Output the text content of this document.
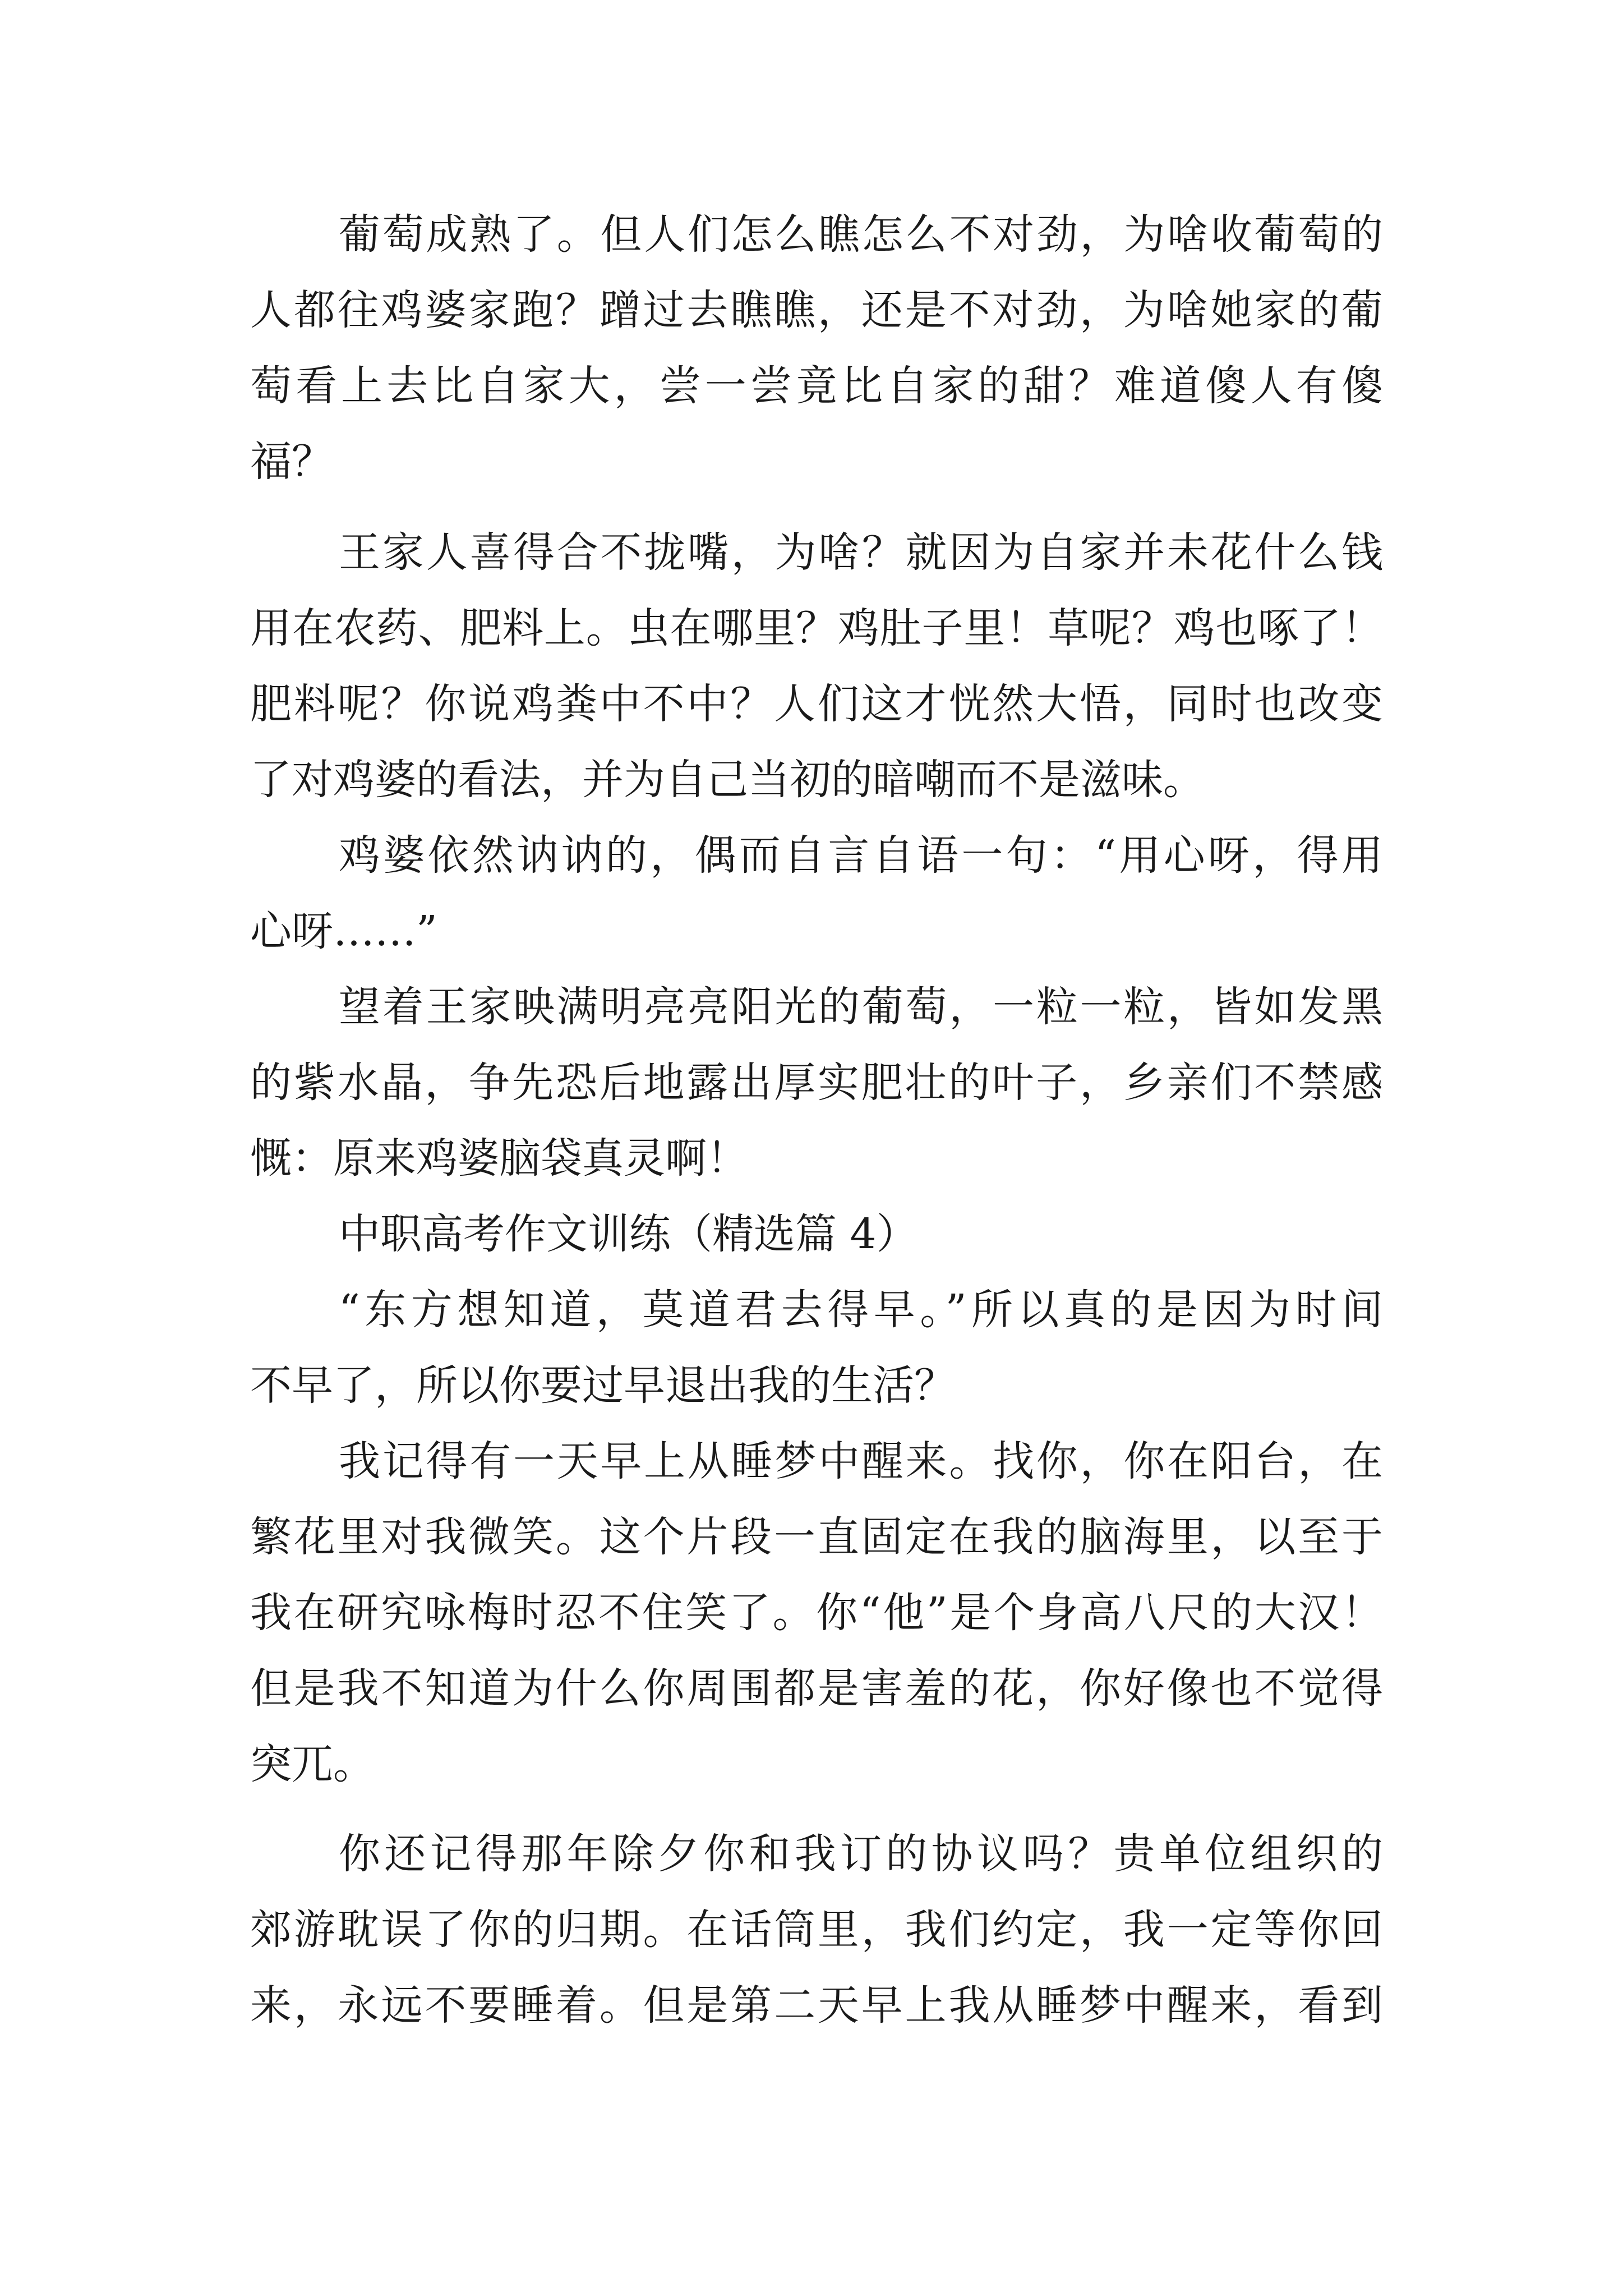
葡萄成熟了。但人们怎么瞧怎么不对劲，为啥收葡萄的
人都往鸡婆家跑？蹭过去瞧瞧，还是不对劲，为啥她家的葡
萄看上去比自家大，尝一尝竟比自家的甜？难道傻人有傻
福？
王家人喜得合不拢嘴，为啥？就因为自家并未花什么钱
用在农药、肥料上。虫在哪里？鸡肚子里！草呢？鸡也啄了！
肥料呢？你说鸡粪中不中？人们这才恍然大悟，同时也改变
了对鸡婆的看法，并为自己当初的暗嘲而不是滋味。
鸡婆依然讷讷的，偶而自言自语一句：“用心呀，得用
心呀……”
望着王家映满明亮亮阳光的葡萄，一粒一粒，皆如发黑
的紫水晶，争先恐后地露出厚实肥壮的叶子，乡亲们不禁感
慨：原来鸡婆脑袋真灵啊！
中职高考作文训练（精选篇 4）
“东方想知道，莫道君去得早。”所以真的是因为时间
不早了，所以你要过早退出我的生活？
我记得有一天早上从睡梦中醒来。找你，你在阳台，在
繁花里对我微笑。这个片段一直固定在我的脑海里，以至于
我在研究咏梅时忍不住笑了。你“他”是个身高八尺的大汉！
但是我不知道为什么你周围都是害羞的花，你好像也不觉得
突兀。
你还记得那年除夕你和我订的协议吗？贵单位组织的
郊游耽误了你的归期。在话筒里，我们约定，我一定等你回
来，永远不要睡着。但是第二天早上我从睡梦中醒来，看到
